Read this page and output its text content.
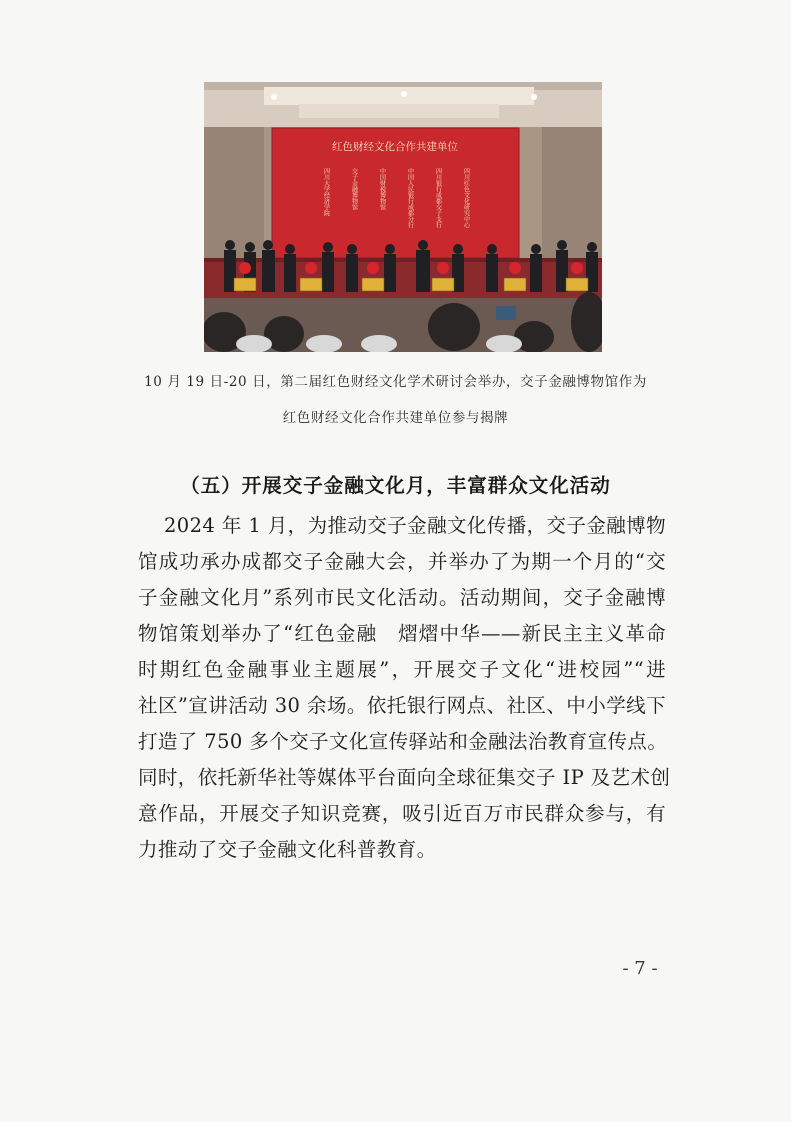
红色财经文化合作共建单位
四川红色文化研究中心
四川银行成都交子支行
中国人民银行成都分行
中国财税博物馆
交子金融博物馆
四川大学经济学院
10 月 19 日-20 日，第二届红色财经文化学术研讨会举办，交子金融博物馆作为
红色财经文化合作共建单位参与揭牌
（五）开展交子金融文化月，丰富群众文化活动
2024 年 1 月，为推动交子金融文化传播，交子金融博物
馆成功承办成都交子金融大会，并举办了为期一个月的“交
子金融文化月”系列市民文化活动。活动期间，交子金融博
物馆策划举办了“红色金融　熠熠中华——新民主主义革命
时期红色金融事业主题展”，开展交子文化“进校园”“进
社区”宣讲活动 30 余场。依托银行网点、社区、中小学线下
打造了 750 多个交子文化宣传驿站和金融法治教育宣传点。
同时，依托新华社等媒体平台面向全球征集交子 IP 及艺术创
意作品，开展交子知识竞赛，吸引近百万市民群众参与，有
力推动了交子金融文化科普教育。
- 7 -
